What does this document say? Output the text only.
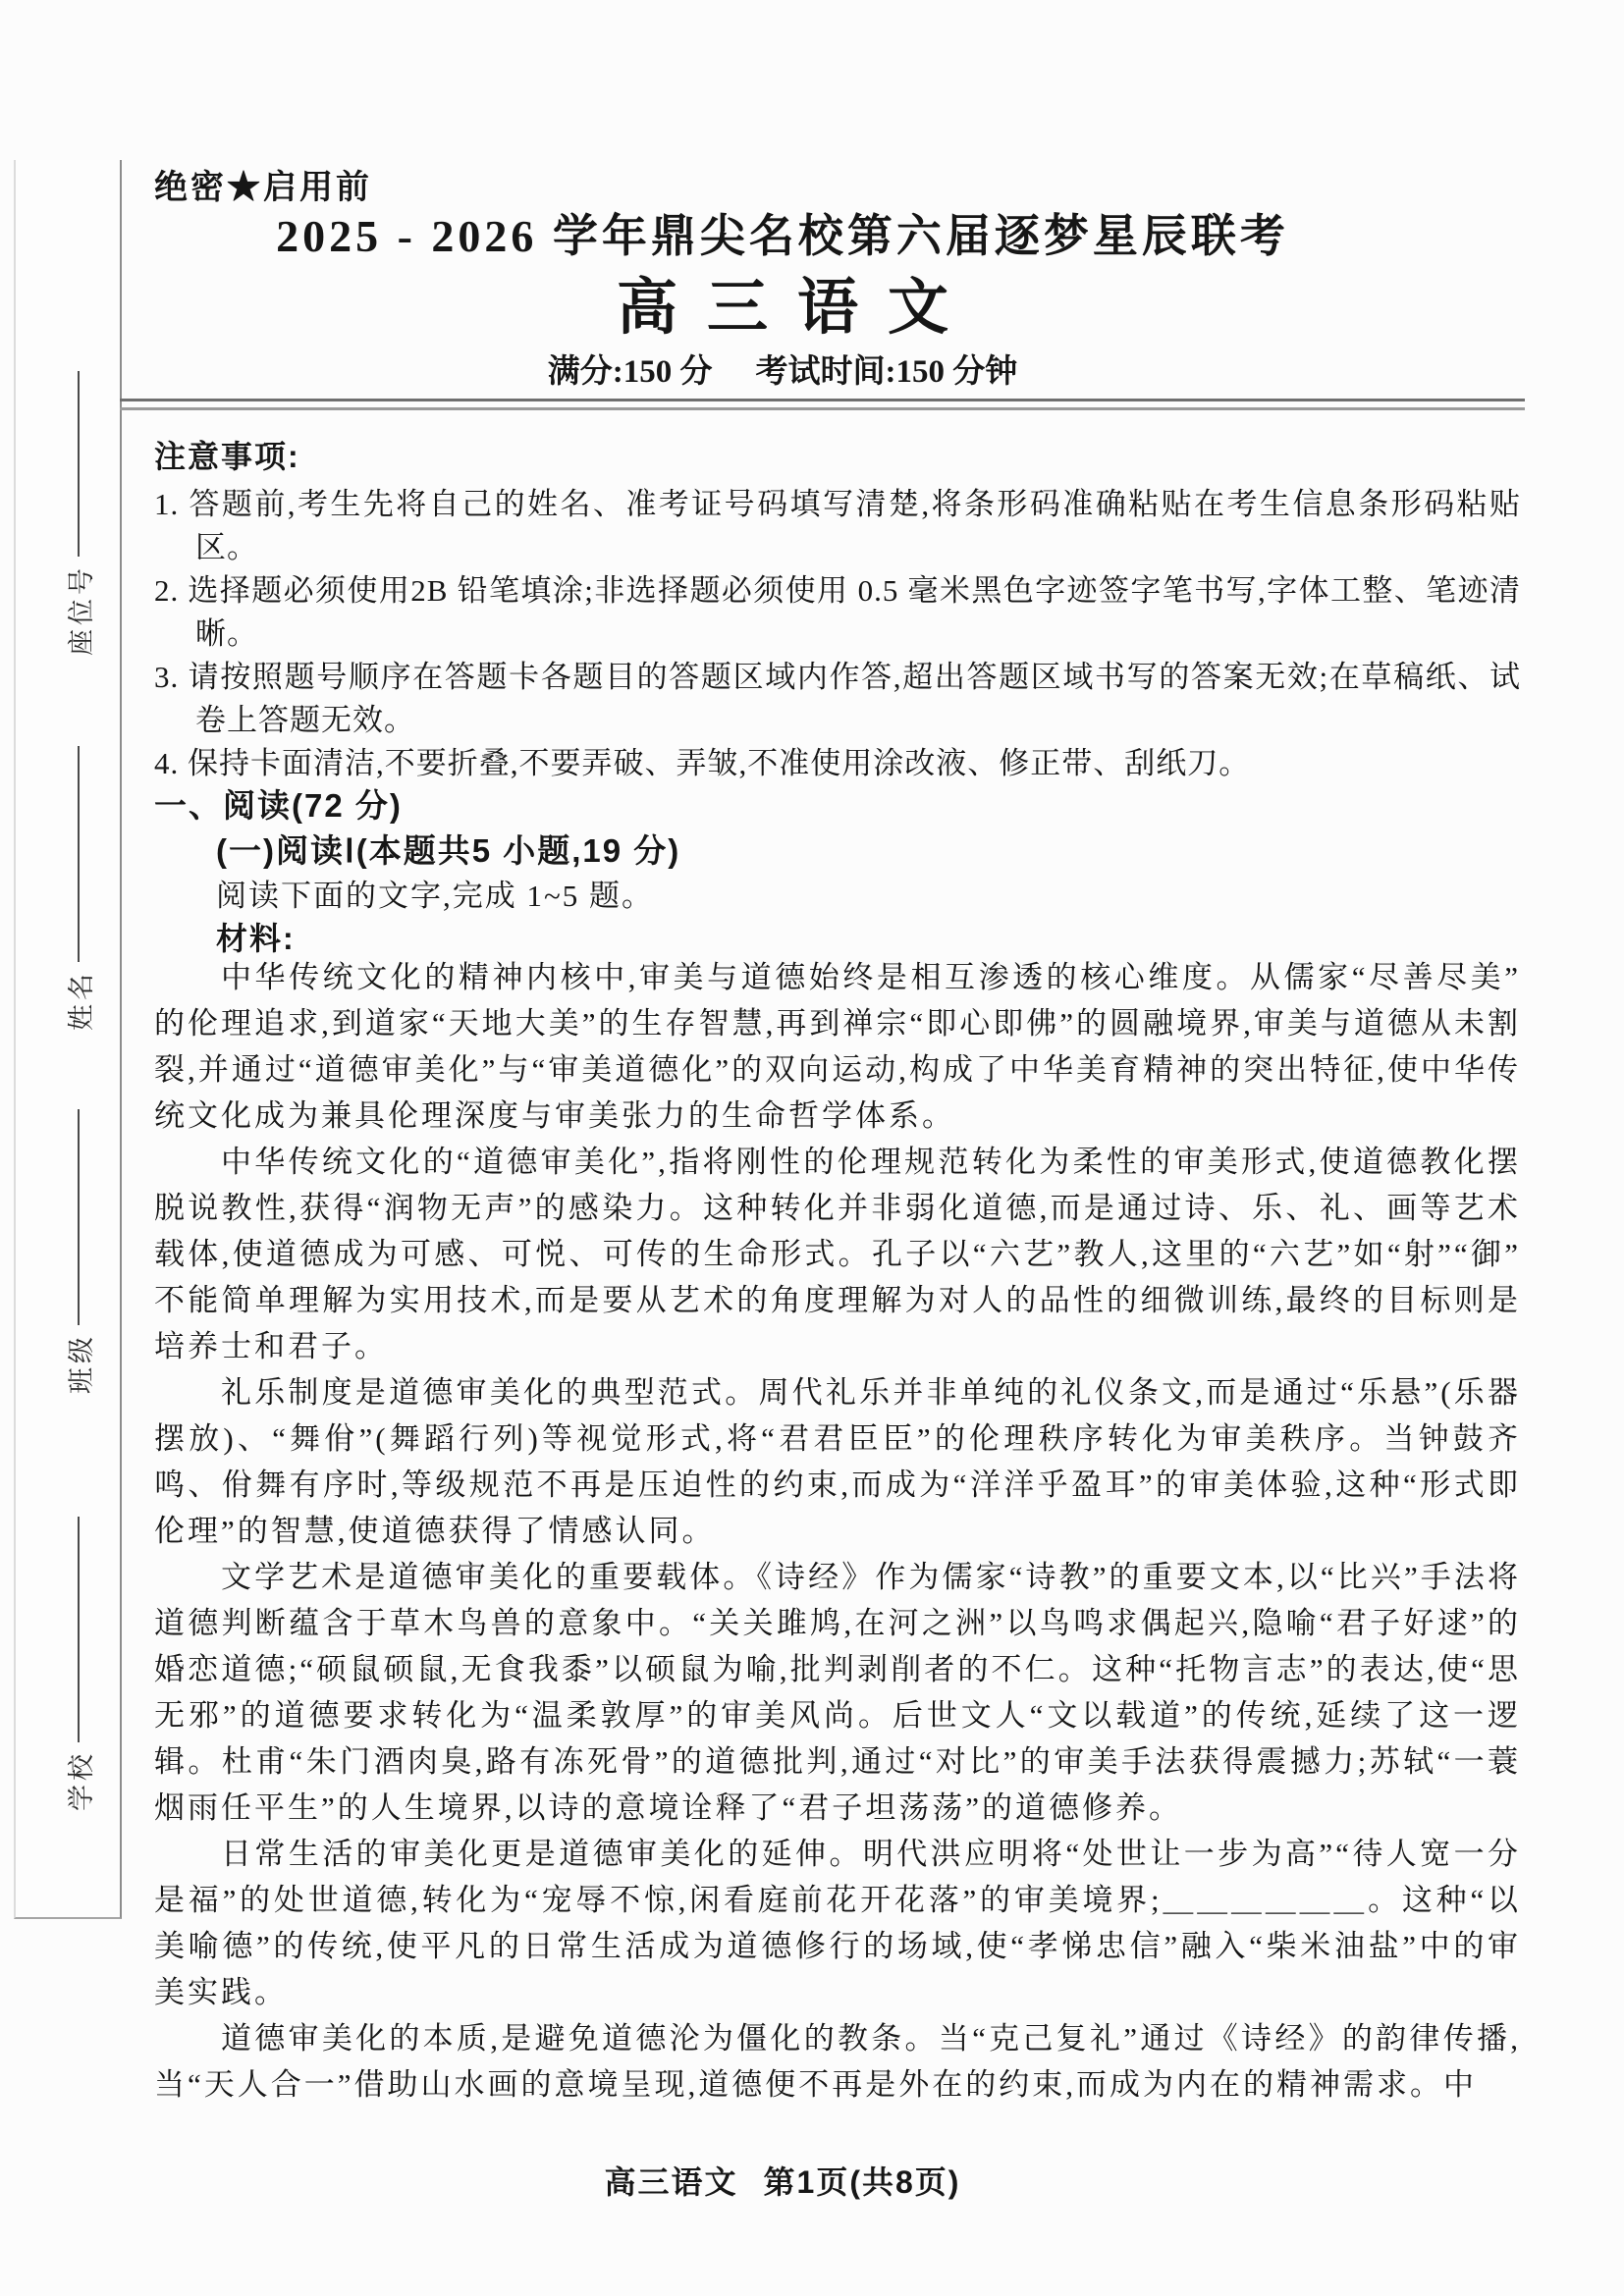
座位号
姓名
班级
学校
绝密★启用前
2025 - 2026 学年鼎尖名校第六届逐梦星辰联考
高三语文
满分:150 分 考试时间:150 分钟

注意事项:

1. 答题前,考生先将自己的姓名、准考证号码填写清楚,将条形码准确粘贴在考生信息条形码粘贴区。

2. 选择题必须使用2B 铅笔填涂;非选择题必须使用 0.5 毫米黑色字迹签字笔书写,字体工整、笔迹清晰。

3. 请按照题号顺序在答题卡各题目的答题区域内作答,超出答题区域书写的答案无效;在草稿纸、试卷上答题无效。

4. 保持卡面清洁,不要折叠,不要弄破、弄皱,不准使用涂改液、修正带、刮纸刀。

一、阅读(72 分)
(一)阅读Ⅰ(本题共5 小题,19 分)
阅读下面的文字,完成 1~5 题。
材料:

中华传统文化的精神内核中,审美与道德始终是相互渗透的核心维度。从儒家“尽善尽美”的伦理追求,到道家“天地大美”的生存智慧,再到禅宗“即心即佛”的圆融境界,审美与道德从未割裂,并通过“道德审美化”与“审美道德化”的双向运动,构成了中华美育精神的突出特征,使中华传统文化成为兼具伦理深度与审美张力的生命哲学体系。

中华传统文化的“道德审美化”,指将刚性的伦理规范转化为柔性的审美形式,使道德教化摆脱说教性,获得“润物无声”的感染力。这种转化并非弱化道德,而是通过诗、乐、礼、画等艺术载体,使道德成为可感、可悦、可传的生命形式。孔子以“六艺”教人,这里的“六艺”如“射”“御”不能简单理解为实用技术,而是要从艺术的角度理解为对人的品性的细微训练,最终的目标则是培养士和君子。

礼乐制度是道德审美化的典型范式。周代礼乐并非单纯的礼仪条文,而是通过“乐悬”(乐器摆放)、“舞佾”(舞蹈行列)等视觉形式,将“君君臣臣”的伦理秩序转化为审美秩序。当钟鼓齐鸣、佾舞有序时,等级规范不再是压迫性的约束,而成为“洋洋乎盈耳”的审美体验,这种“形式即伦理”的智慧,使道德获得了情感认同。

文学艺术是道德审美化的重要载体。《诗经》作为儒家“诗教”的重要文本,以“比兴”手法将道德判断蕴含于草木鸟兽的意象中。“关关雎鸠,在河之洲”以鸟鸣求偶起兴,隐喻“君子好逑”的婚恋道德;“硕鼠硕鼠,无食我黍”以硕鼠为喻,批判剥削者的不仁。这种“托物言志”的表达,使“思无邪”的道德要求转化为“温柔敦厚”的审美风尚。后世文人“文以载道”的传统,延续了这一逻辑。杜甫“朱门酒肉臭,路有冻死骨”的道德批判,通过“对比”的审美手法获得震撼力;苏轼“一蓑烟雨任平生”的人生境界,以诗的意境诠释了“君子坦荡荡”的道德修养。

日常生活的审美化更是道德审美化的延伸。明代洪应明将“处世让一步为高”“待人宽一分是福”的处世道德,转化为“宠辱不惊,闲看庭前花开花落”的审美境界;＿＿＿＿＿＿。这种“以美喻德”的传统,使平凡的日常生活成为道德修行的场域,使“孝悌忠信”融入“柴米油盐”中的审美实践。

道德审美化的本质,是避免道德沦为僵化的教条。当“克己复礼”通过《诗经》的韵律传播,当“天人合一”借助山水画的意境呈现,道德便不再是外在的约束,而成为内在的精神需求。中

高三语文 第1页(共8页)
